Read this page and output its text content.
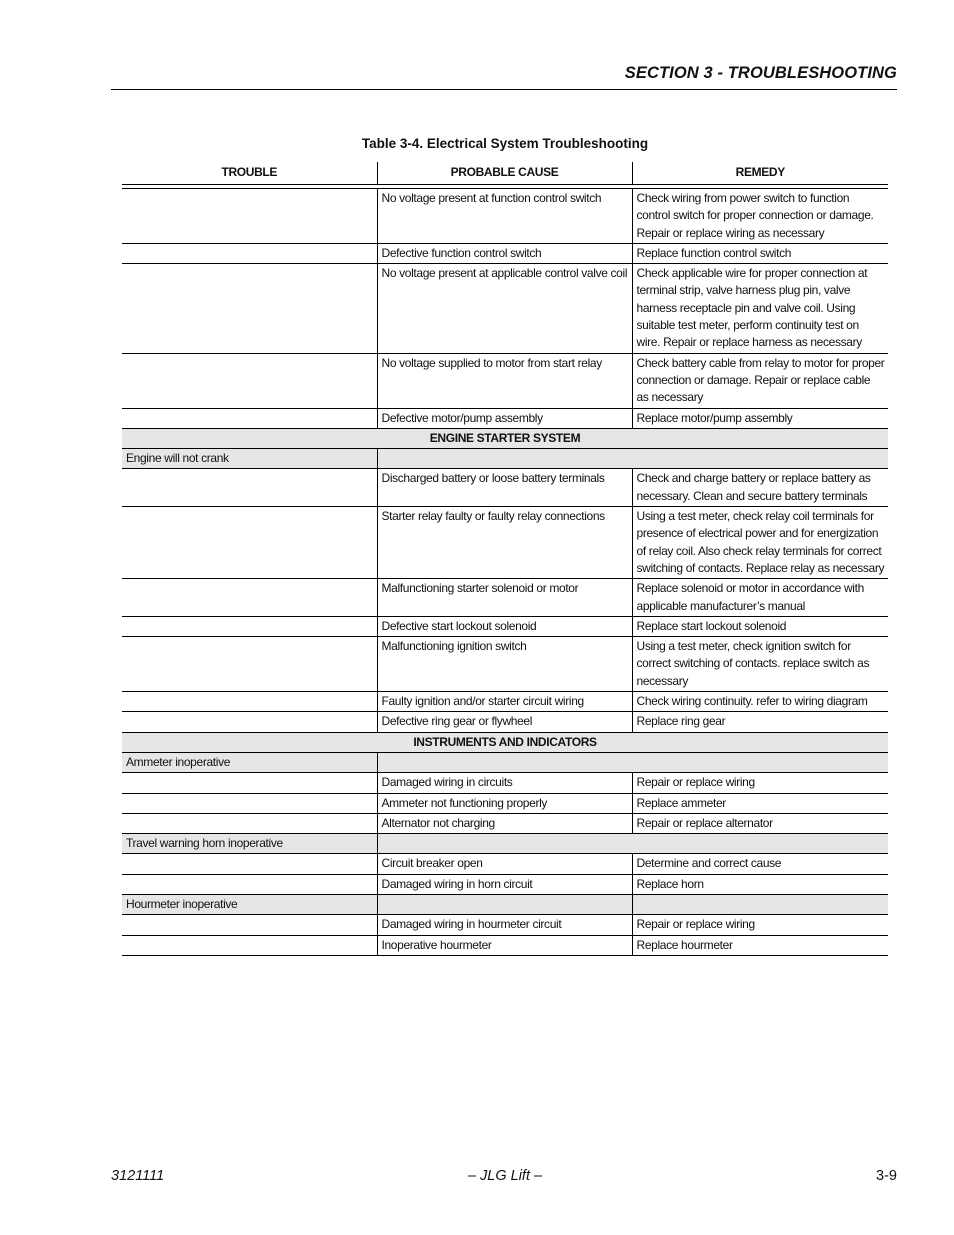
SECTION 3 - TROUBLESHOOTING
Table 3-4. Electrical System Troubleshooting
TROUBLE	PROBABLE CAUSE	REMEDY

	No voltage present at function control switch	Check wiring from power switch to function control switch for proper connection or damage. Repair or replace wiring as necessary
	Defective function control switch	Replace function control switch
	No voltage present at applicable control valve coil	Check applicable wire for proper connection at terminal strip, valve harness plug pin, valve harness receptacle pin and valve coil. Using suitable test meter, perform continuity test on wire. Repair or replace harness as necessary
	No voltage supplied to motor from start relay	Check battery cable from relay to motor for proper connection or damage. Repair or replace cable as necessary
	Defective motor/pump assembly	Replace motor/pump assembly
	ENGINE STARTER SYSTEM	
Engine will not crank		
	Discharged battery or loose battery terminals	Check and charge battery or replace battery as necessary. Clean and secure battery terminals
	Starter relay faulty or faulty relay connections	Using a test meter, check relay coil terminals for presence of electrical power and for energization of relay coil. Also check relay terminals for correct switching of contacts. Replace relay as necessary
	Malfunctioning starter solenoid or motor	Replace solenoid or motor in accordance with applicable manufacturer’s manual
	Defective start lockout solenoid	Replace start lockout solenoid
	Malfunctioning ignition switch	Using a test meter, check ignition switch for correct switching of contacts. replace switch as necessary
	Faulty ignition and/or starter circuit wiring	Check wiring continuity. refer to wiring diagram
	Defective ring gear or flywheel	Replace ring gear
	INSTRUMENTS AND INDICATORS	
Ammeter inoperative		
	Damaged wiring in circuits	Repair or replace wiring
	Ammeter not functioning properly	Replace ammeter
	Alternator not charging	Repair or replace alternator
Travel warning horn inoperative		
	Circuit breaker open	Determine and correct cause
	Damaged wiring in horn circuit	Replace horn
Hourmeter inoperative		
	Damaged wiring in hourmeter circuit	Repair or replace wiring
	Inoperative hourmeter	Replace hourmeter
3121111	– JLG Lift –	3-9
